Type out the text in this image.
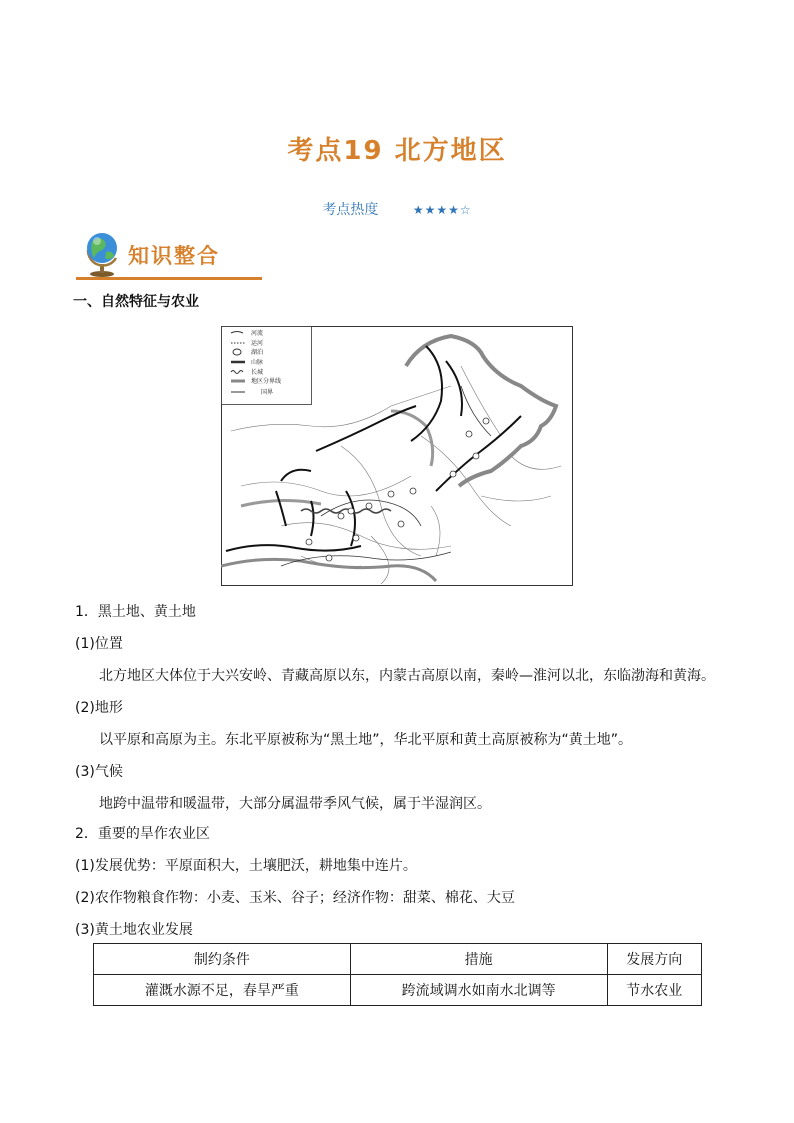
考点19 北方地区
考点热度	★★★★☆
知识整合
一、自然特征与农业
河流
运河
湖泊
山脉
长城
地区分界线
国界
1．黑土地、黄土地
(1)位置
北方地区大体位于大兴安岭、青藏高原以东，内蒙古高原以南，秦岭—淮河以北，东临渤海和黄海。
(2)地形
以平原和高原为主。东北平原被称为“黑土地”，华北平原和黄土高原被称为“黄土地”。
(3)气候
地跨中温带和暖温带，大部分属温带季风气候，属于半湿润区。
2．重要的旱作农业区
(1)发展优势：平原面积大，土壤肥沃，耕地集中连片。
(2)农作物粮食作物：小麦、玉米、谷子；经济作物：甜菜、棉花、大豆
(3)黄土地农业发展
制约条件	措施	发展方向
灌溉水源不足，春旱严重	跨流域调水如南水北调等	节水农业
